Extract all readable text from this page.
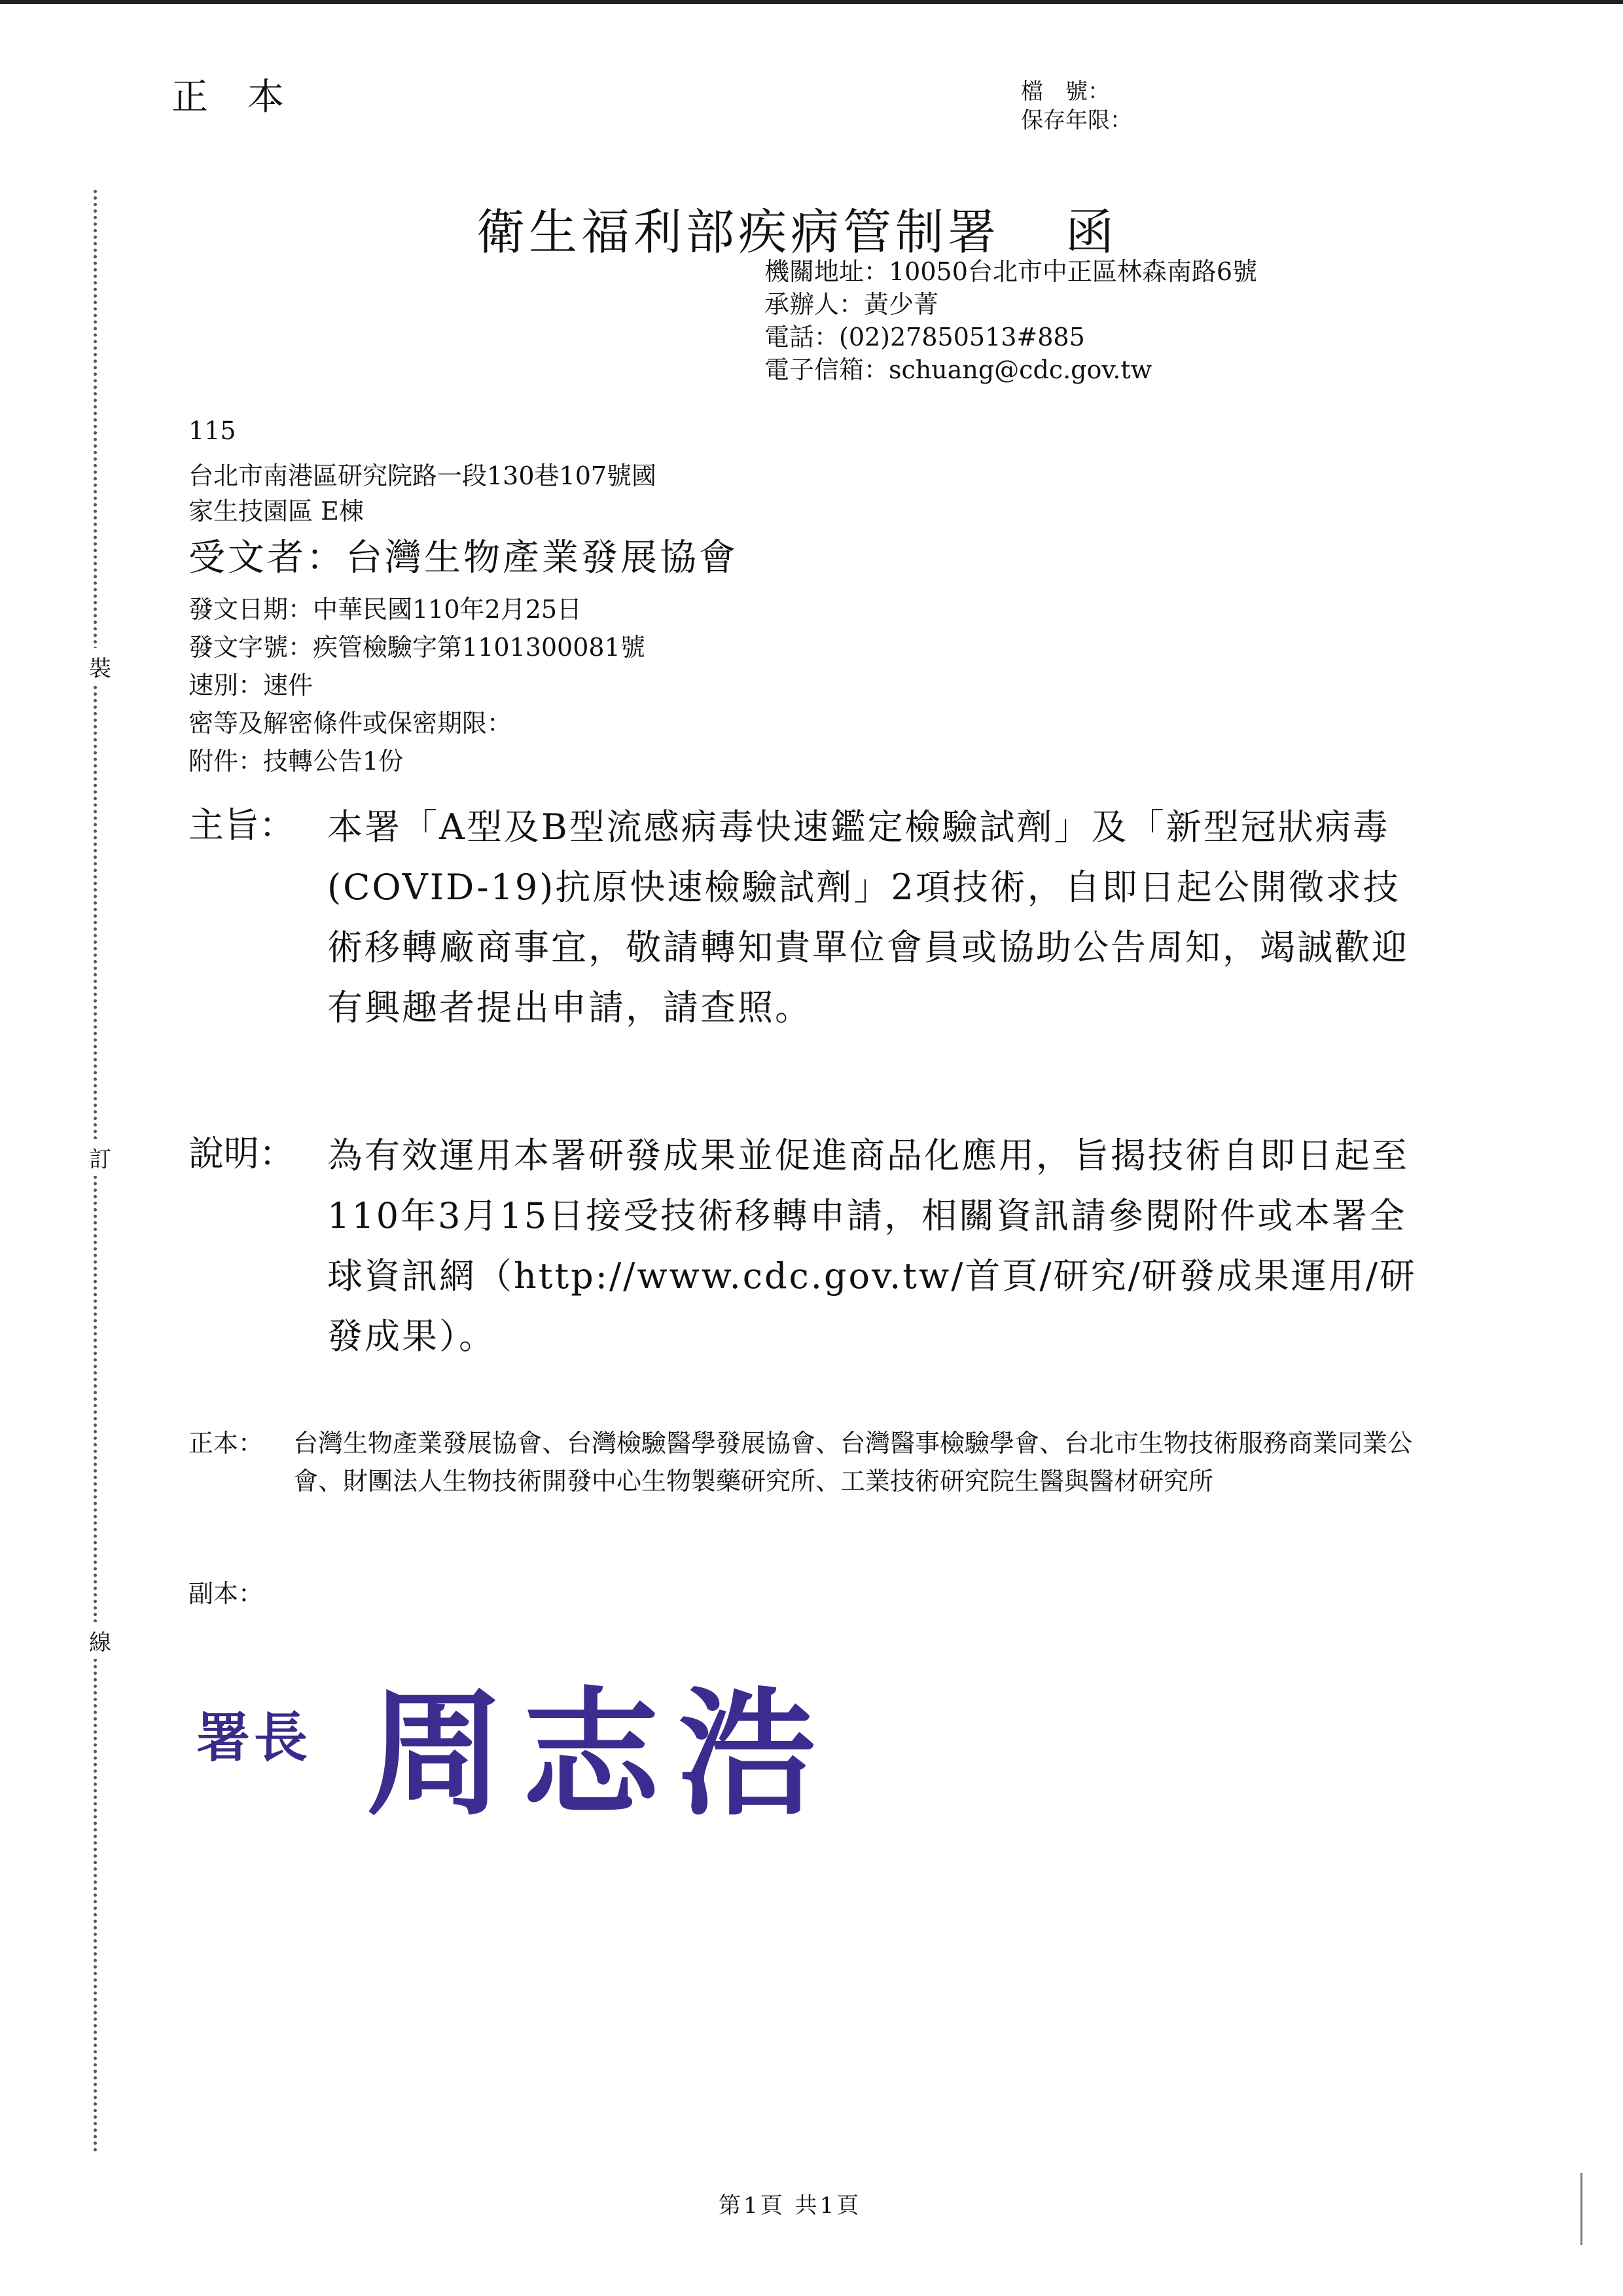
正本	檔　號：
保存年限：
裝
訂
線
衛生福利部疾病管制署 函
機關地址：10050台北市中正區林森南路6號
承辦人：黃少菁
電話：(02)27850513#885
電子信箱：schuang@cdc.gov.tw
115
台北市南港區研究院路一段130巷107號國
家生技園區 E棟
受文者：台灣生物產業發展協會
發文日期：中華民國110年2月25日
發文字號：疾管檢驗字第1101300081號
速別：速件
密等及解密條件或保密期限：
附件：技轉公告1份
主旨： 本署「A型及B型流感病毒快速鑑定檢驗試劑」及「新型冠狀病毒(COVID-19)抗原快速檢驗試劑」2項技術，自即日起公開徵求技術移轉廠商事宜，敬請轉知貴單位會員或協助公告周知，竭誠歡迎有興趣者提出申請，請查照。
說明： 為有效運用本署研發成果並促進商品化應用，旨揭技術自即日起至110年3月15日接受技術移轉申請，相關資訊請參閱附件或本署全球資訊網（http://www.cdc.gov.tw/首頁/研究/研發成果運用/研發成果）。
正本： 台灣生物產業發展協會、台灣檢驗醫學發展協會、台灣醫事檢驗學會、台北市生物技術服務商業同業公會、財團法人生物技術開發中心生物製藥研究所、工業技術研究院生醫與醫材研究所
副本：
署長 周志浩
第1頁 共1頁
